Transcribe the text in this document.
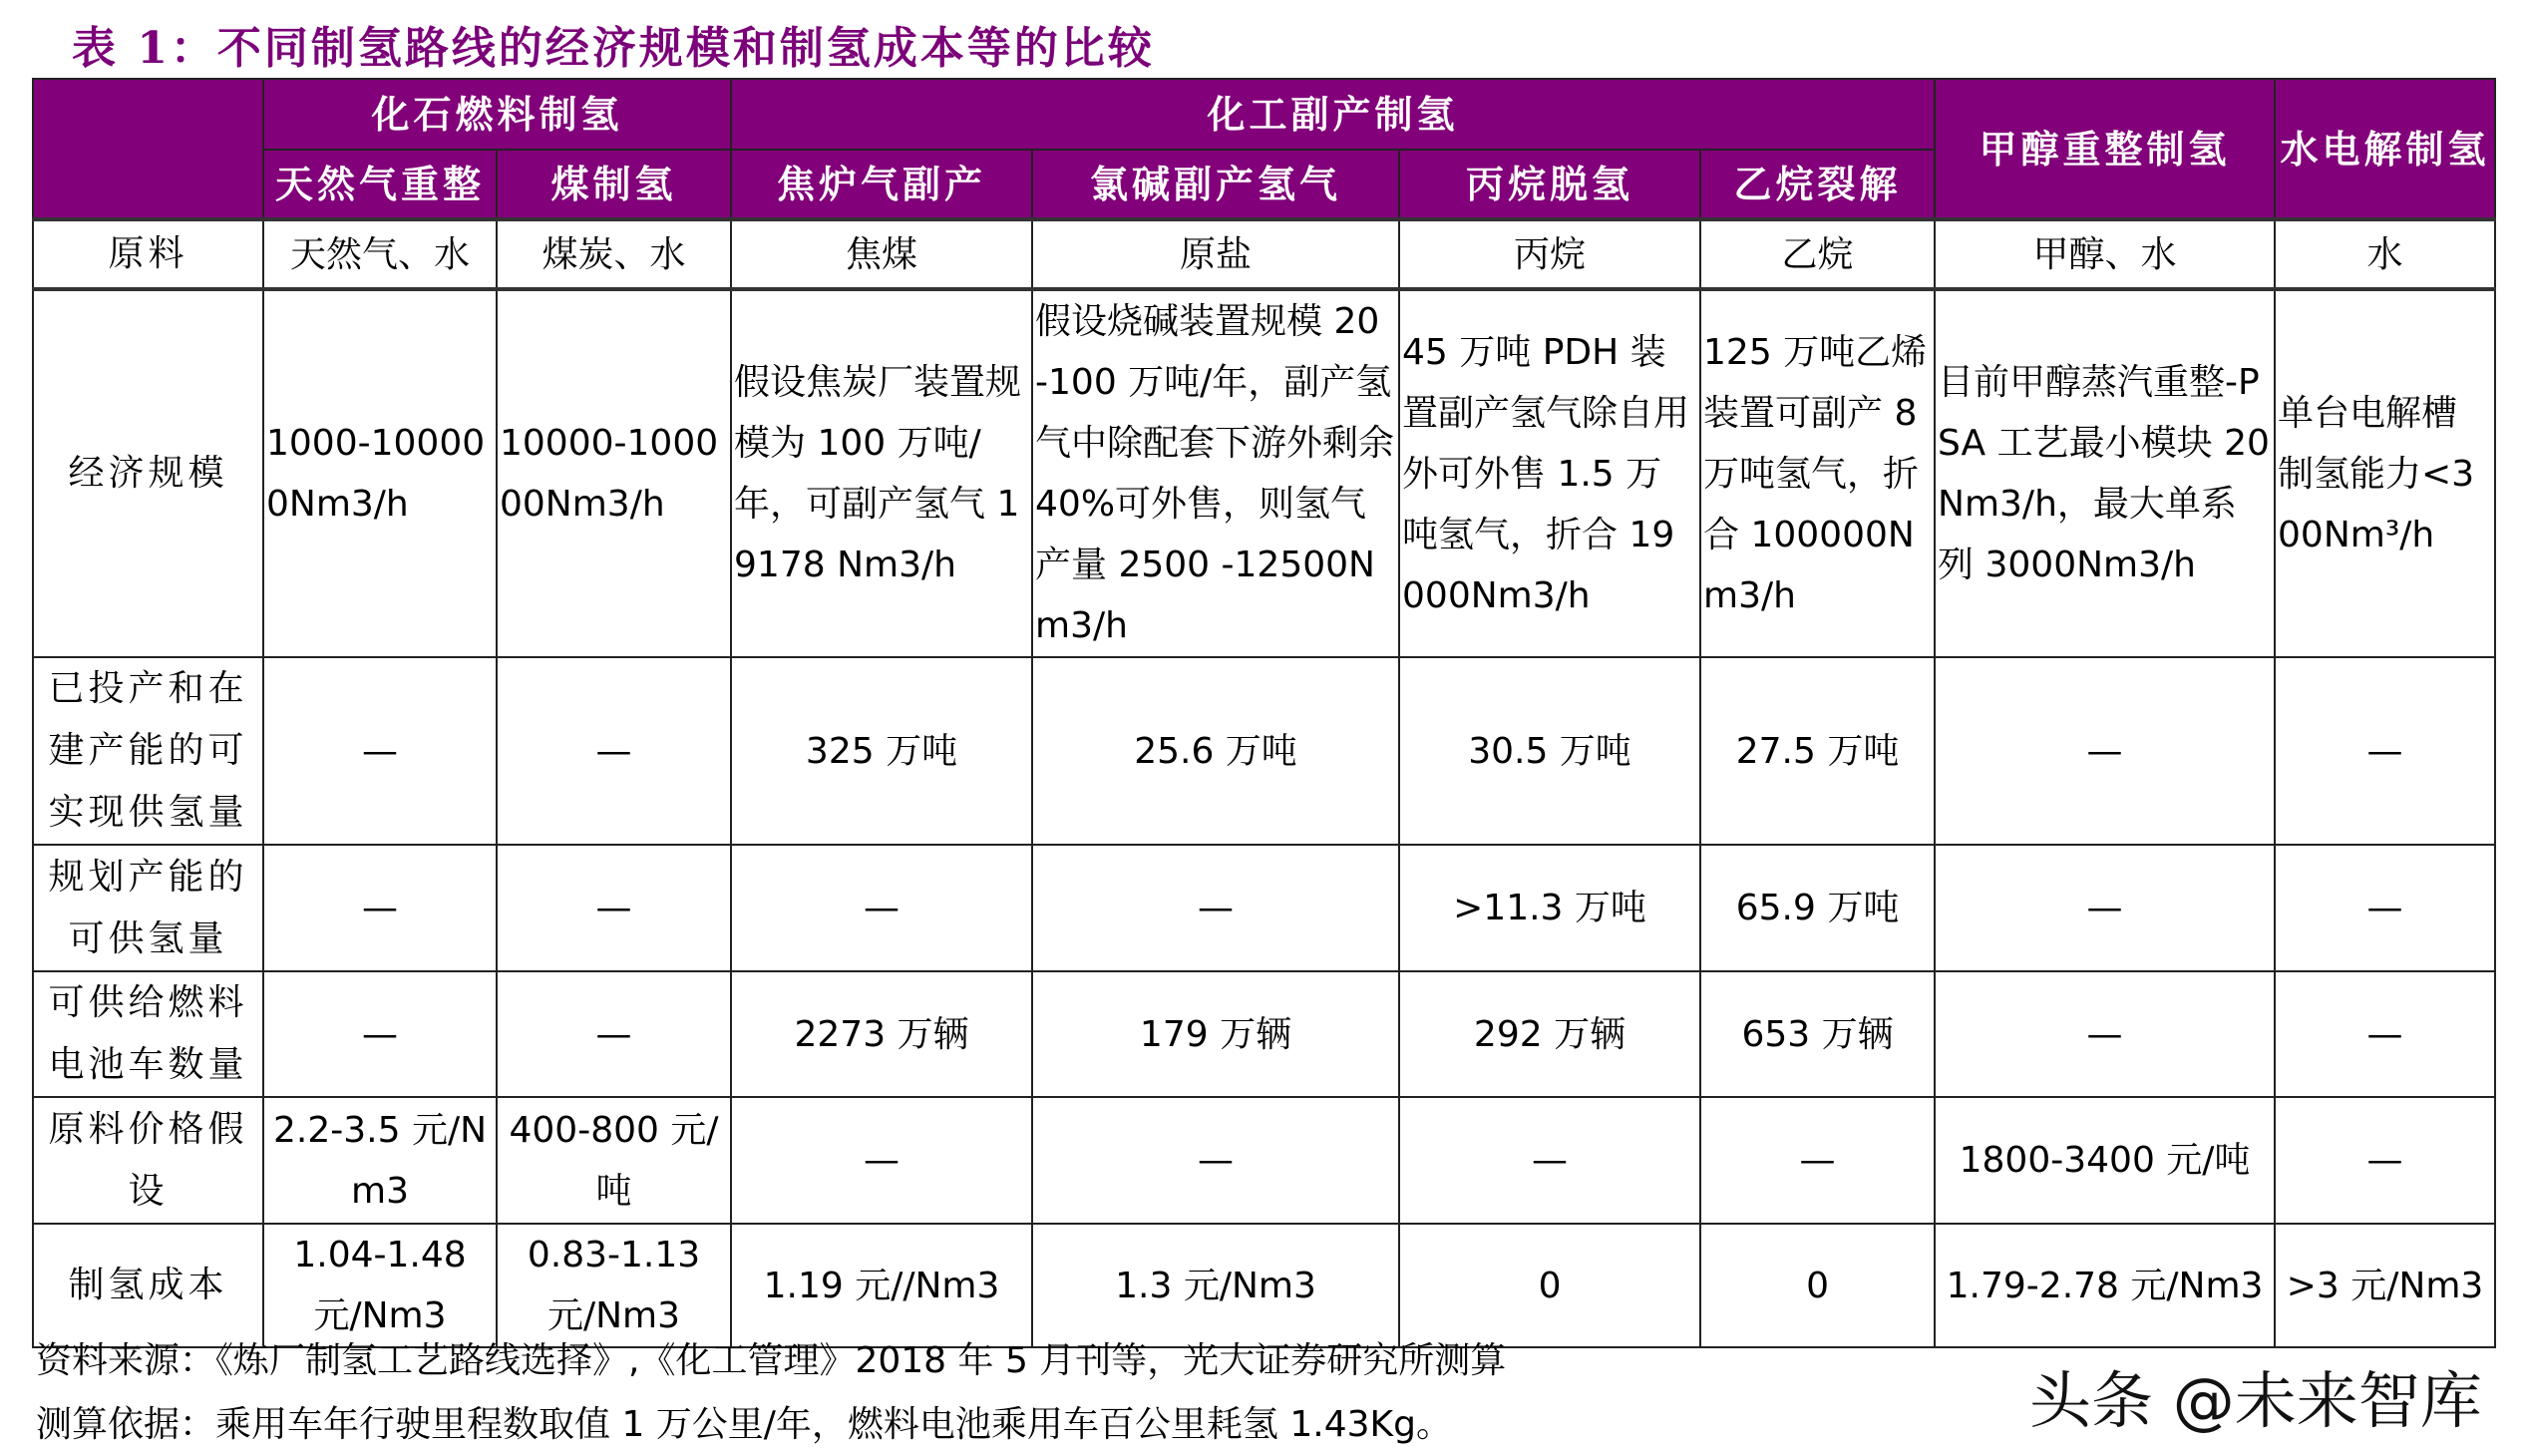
表 1：不同制氢路线的经济规模和制氢成本等的比较
	化石燃料制氢		化工副产制氢				甲醇重整制氢	水电解制氢
	天然气重整	煤制氢	焦炉气副产	氯碱副产氢气	丙烷脱氢	乙烷裂解		
原料	天然气、水	煤炭、水	焦煤	原盐	丙烷	乙烷	甲醇、水	水
经济规模	1000-100000Nm3/h	10000-100000Nm3/h	假设焦炭厂装置规模为 100 万吨/年，可副产氢气 19178 Nm3/h	假设烧碱装置规模 20 -100 万吨/年，副产氢气中除配套下游外剩余 40%可外售，则氢气产量 2500 -12500Nm3/h	45 万吨 PDH 装置副产氢气除自用外可外售 1.5 万吨氢气，折合 19000Nm3/h	125 万吨乙烯装置可副产 8 万吨氢气，折合 100000Nm3/h	目前甲醇蒸汽重整-PSA 工艺最小模块 20Nm3/h，最大单系列 3000Nm3/h	单台电解槽制氢能力<300Nm³/h
已投产和在建产能的可实现供氢量	—	—	325 万吨	25.6 万吨	30.5 万吨	27.5 万吨	—	—
规划产能的可供氢量	—	—	—	—	>11.3 万吨	65.9 万吨	—	—
可供给燃料电池车数量	—	—	2273 万辆	179 万辆	292 万辆	653 万辆	—	—
原料价格假设	2.2-3.5 元/Nm3	400-800 元/吨	—	—	—	—	1800-3400 元/吨	—
制氢成本	1.04-1.48 元/Nm3	0.83-1.13 元/Nm3	1.19 元//Nm3	1.3 元/Nm3	0	0	1.79-2.78 元/Nm3	>3 元/Nm3
资料来源：《炼厂制氢工艺路线选择》,《化工管理》2018 年 5 月刊等，光大证券研究所测算
测算依据：乘用车年行驶里程数取值 1 万公里/年，燃料电池乘用车百公里耗氢 1.43Kg。	头条 @未来智库
